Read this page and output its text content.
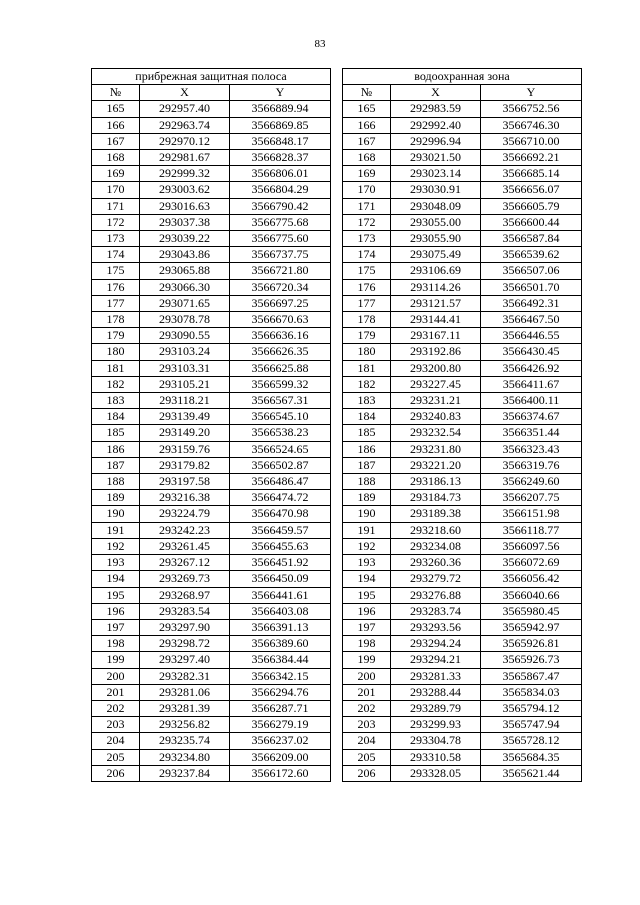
83
прибрежная защитная полоса		
№	X	Y
165	292957.40	3566889.94
166	292963.74	3566869.85
167	292970.12	3566848.17
168	292981.67	3566828.37
169	292999.32	3566806.01
170	293003.62	3566804.29
171	293016.63	3566790.42
172	293037.38	3566775.68
173	293039.22	3566775.60
174	293043.86	3566737.75
175	293065.88	3566721.80
176	293066.30	3566720.34
177	293071.65	3566697.25
178	293078.78	3566670.63
179	293090.55	3566636.16
180	293103.24	3566626.35
181	293103.31	3566625.88
182	293105.21	3566599.32
183	293118.21	3566567.31
184	293139.49	3566545.10
185	293149.20	3566538.23
186	293159.76	3566524.65
187	293179.82	3566502.87
188	293197.58	3566486.47
189	293216.38	3566474.72
190	293224.79	3566470.98
191	293242.23	3566459.57
192	293261.45	3566455.63
193	293267.12	3566451.92
194	293269.73	3566450.09
195	293268.97	3566441.61
196	293283.54	3566403.08
197	293297.90	3566391.13
198	293298.72	3566389.60
199	293297.40	3566384.44
200	293282.31	3566342.15
201	293281.06	3566294.76
202	293281.39	3566287.71
203	293256.82	3566279.19
204	293235.74	3566237.02
205	293234.80	3566209.00
206	293237.84	3566172.60
водоохранная зона		
№	X	Y
165	292983.59	3566752.56
166	292992.40	3566746.30
167	292996.94	3566710.00
168	293021.50	3566692.21
169	293023.14	3566685.14
170	293030.91	3566656.07
171	293048.09	3566605.79
172	293055.00	3566600.44
173	293055.90	3566587.84
174	293075.49	3566539.62
175	293106.69	3566507.06
176	293114.26	3566501.70
177	293121.57	3566492.31
178	293144.41	3566467.50
179	293167.11	3566446.55
180	293192.86	3566430.45
181	293200.80	3566426.92
182	293227.45	3566411.67
183	293231.21	3566400.11
184	293240.83	3566374.67
185	293232.54	3566351.44
186	293231.80	3566323.43
187	293221.20	3566319.76
188	293186.13	3566249.60
189	293184.73	3566207.75
190	293189.38	3566151.98
191	293218.60	3566118.77
192	293234.08	3566097.56
193	293260.36	3566072.69
194	293279.72	3566056.42
195	293276.88	3566040.66
196	293283.74	3565980.45
197	293293.56	3565942.97
198	293294.24	3565926.81
199	293294.21	3565926.73
200	293281.33	3565867.47
201	293288.44	3565834.03
202	293289.79	3565794.12
203	293299.93	3565747.94
204	293304.78	3565728.12
205	293310.58	3565684.35
206	293328.05	3565621.44
